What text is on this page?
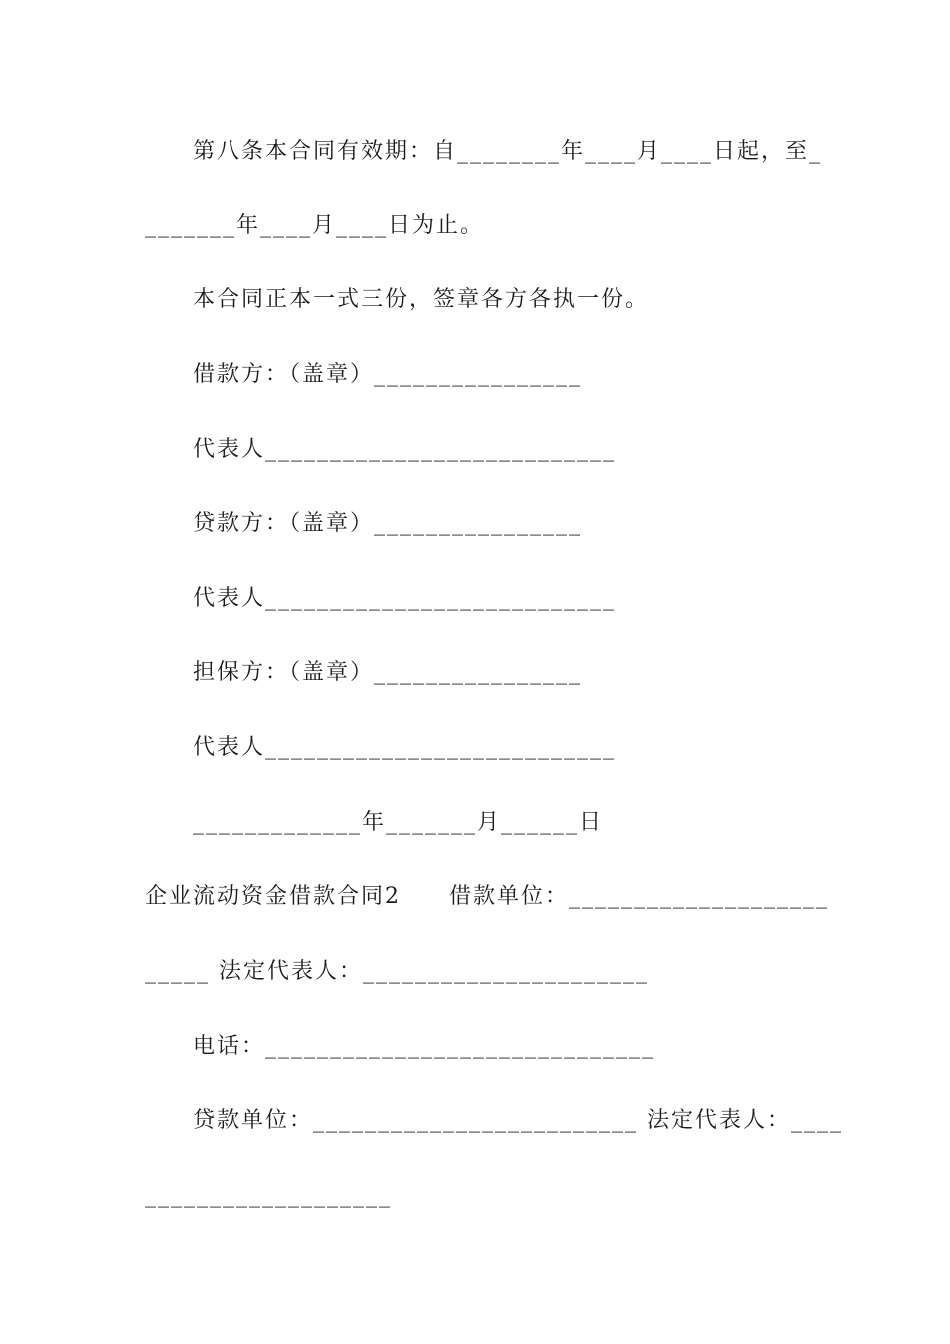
第八条本合同有效期：自________年____月____日起，至_
_______年____月____日为止。
本合同正本一式三份，签章各方各执一份。
借款方：（盖章）________________
代表人___________________________
贷款方：（盖章）________________
代表人___________________________
担保方：（盖章）________________
代表人___________________________
_____________年_______月______日
企业流动资金借款合同2　　借款单位：____________________
_____ 法定代表人：______________________
电话：______________________________
贷款单位：_________________________ 法定代表人：____
___________________
